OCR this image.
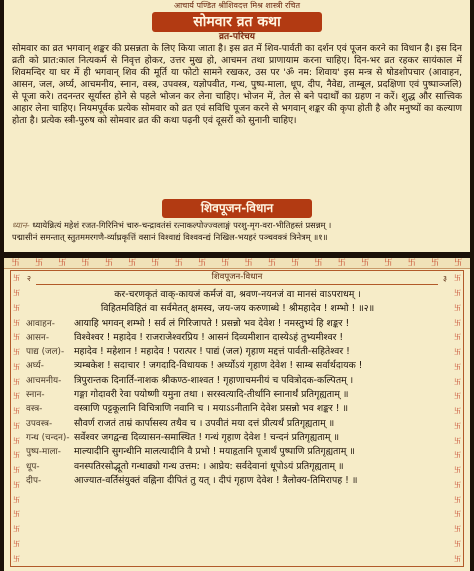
आचार्य पण्डित श्रीशिवदत्त मिश्र शास्त्री रचित
सोमवार व्रत कथा
व्रत-परिचय
सोमवार का व्रत भगवान् शङ्कर की प्रसन्नता के लिए किया जाता है। इस व्रत में शिव-पार्वती का दर्शन एवं पूजन करने का विधान है। इस दिन व्रती को प्रात:काल नित्यकर्म से निवृत्त होकर, उत्तर मुख हो, आचमन तथा प्राणायाम करना चाहिए। दिन-भर व्रत रहकर सायंकाल में शिवमन्दिर या घर में ही भगवान् शिव की मूर्ति या फोटो सामने रखकर, उस पर 'ॐ नम: शिवाय' इस मन्त्र से षोडशोपचार (आवाहन, आसन, जल, अर्घ्य, आचमनीय, स्नान, वस्त्र, उपवस्त्र, यज्ञोपवीत, गन्ध, पुष्प-माला, धूप, दीप, नैवेद्य, ताम्बूल, प्रदक्षिणा एवं पुष्पाञ्जलि) से पूजा करे। तदनन्तर सूर्यास्त होने से पहले भोजन कर लेना चाहिए। भोजन में, तेल से बने पदार्थों का ग्रहण न करें। शुद्ध और सात्त्विक आहार लेना चाहिए। नियमपूर्वक प्रत्येक सोमवार को व्रत एवं सविधि पूजन करने से भगवान् शङ्कर की कृपा होती है और मनुष्यों का कल्याण होता है। प्रत्येक स्त्री-पुरुष को सोमवार व्रत की कथा पढ़नी एवं दूसरों को सुनानी चाहिए।
शिवपूजन-विधान
ध्यान- ध्यायेन्नित्यं महेशं रजत-गिरिनिभं चारु-चन्द्रावतंसं रत्नाकल्पोज्ज्वलाङ्गं परशु-मृग-वरा-भीतिहस्तं प्रसन्नम् ।
पद्मासीनं समन्तात् स्तुतममरगणै-र्व्याघ्रकृत्तिं वसानं विश्वाद्यं विश्ववन्द्यं निखिल-भयहरं पञ्चवक्त्रं त्रिनेत्रम् ॥१॥
卐 卐 卐 卐 卐 卐 卐 卐 卐 卐 卐 卐 卐 卐 卐 卐 卐 卐 卐 卐
卐
卐
卐
卐
卐
卐
卐
卐
卐
卐
卐
卐
卐
卐
卐
卐
卐
卐
卐
卐
卐
卐
卐
卐
卐
卐
卐
卐
卐
卐
卐
卐
卐
卐
卐
卐
卐
卐
卐
卐
२	शिवपूजन-विधान	३
कर-चरणकृतं वाक्-कायजं कर्मजं वा, श्रवण-नयनजं वा मानसं वाऽपराधम् ।
विहितमविहितं वा सर्वमेतत् क्षमस्व, जय-जय करुणाब्धे ! श्रीमहादेव ! शम्भो ! ॥२॥
आवाहन-	आयाहि भगवन् शम्भो ! सर्व लं गिरिजापते ! प्रसन्नो भव देवेश ! नमस्तुभ्यं हि शङ्कर !
आसन-	विश्वेश्वर ! महादेव ! राजराजेश्वरप्रिय ! आसनं दिव्यमीशान दास्येऽहं तुभ्यमीश्वर !
पाद्य (जल)-	महादेव ! महेशान ! महादेव ! परात्पर ! पाद्यं (जल) गृहाण मद्दत्तं पार्वती-सहितेश्वर !
अर्घ्य-	त्र्यम्बकेश ! सदाचार ! जगदादि-विधायक ! अर्घ्योऽयं गृहाण देवेश ! साम्ब सर्वार्थदायक !
आचमनीय-	त्रिपुरान्तक दिनार्ति-नाशक श्रीकण्ठ-शाश्वत ! गृहाणाचमनीयं च पवित्रोदक-कल्पितम् ।
स्नान-	गङ्गा गोदावरी रेवा पयोष्णी यमुना तथा । सरस्वत्यादि-तीर्थानि स्नानार्थं प्रतिगृह्यताम् ॥
वस्त्र-	वस्त्राणि पट्टकूलानि विचित्राणि नवानि च । मयाऽऽनीतानि देवेश प्रसन्नो भव शङ्कर ! ॥
उपवस्त्र-	सौवर्ण राजतं ताम्रं कार्पासस्य तथैव च । उपवीतं मया दत्तं प्रीत्यर्थं प्रतिगृह्यताम् ॥
गन्ध (चन्दन)- सर्वेश्वर जगद्वन्द्य दिव्यासन-समास्थित ! गन्धं गृहाण देवेश ! चन्दनं प्रतिगृह्यताम् ॥
पुष्प-माला-	माल्यादीनि सुगन्धीनि मालत्यादीनि वै प्रभो ! मयाहृतानि पूजार्थं पुष्पाणि प्रतिगृह्यताम् ॥
धूप-	वनस्पतिरसोद्भूतो गन्धाढ्यो गन्ध उत्तम: । आघ्रेय: सर्वदेवानां धूपोऽयं प्रतिगृह्यताम् ॥
दीप-	आज्यात-वर्तिसंयुक्तं वह्निना दीपितं तु यत् । दीपं गृहाण देवेश ! त्रैलोक्य-तिमिरापह ! ॥
